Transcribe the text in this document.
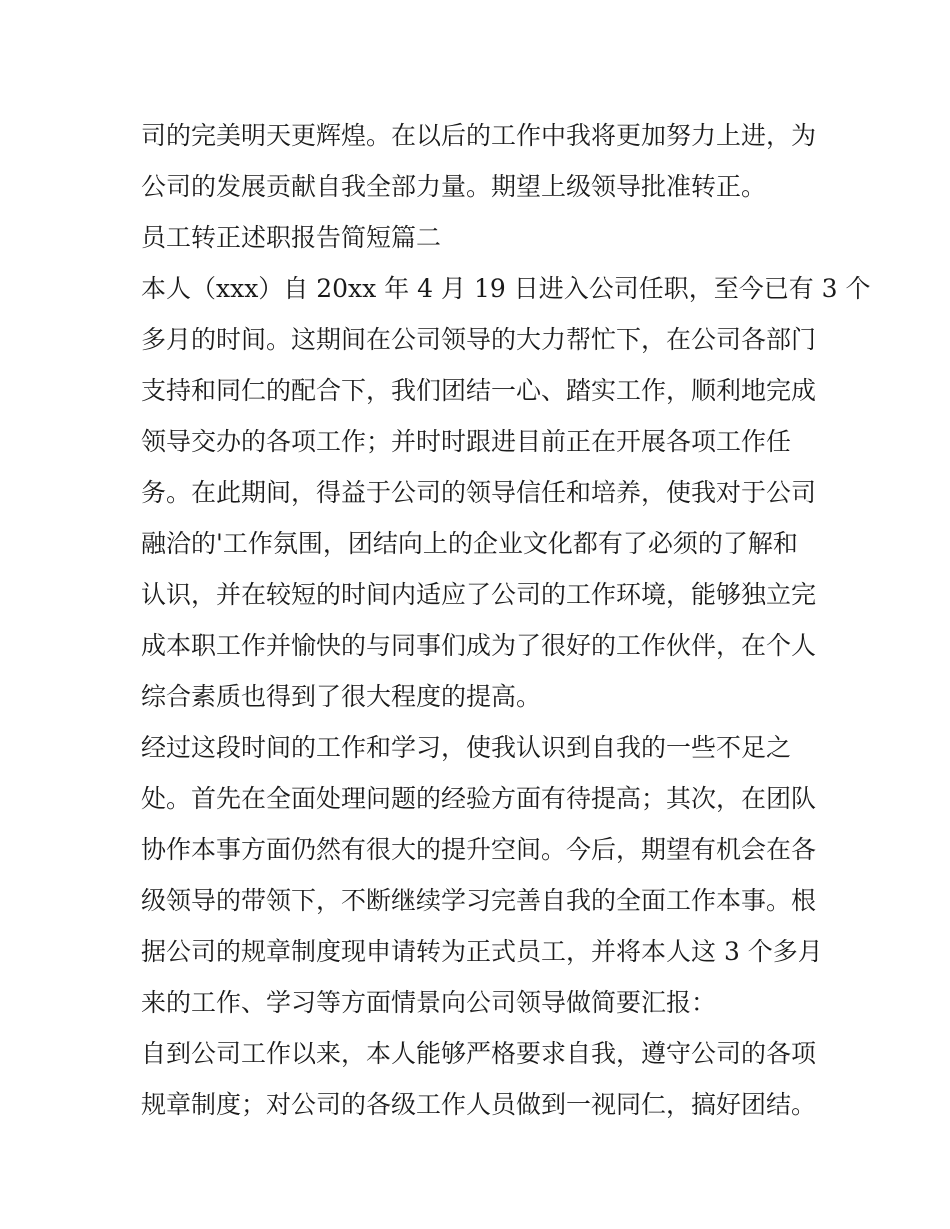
司的完美明天更辉煌。在以后的工作中我将更加努力上进，为
公司的发展贡献自我全部力量。期望上级领导批准转正。
员工转正述职报告简短篇二
本人（xxx）自 20xx 年 4 月 19 日进入公司任职，至今已有 3 个
多月的时间。这期间在公司领导的大力帮忙下，在公司各部门
支持和同仁的配合下，我们团结一心、踏实工作，顺利地完成
领导交办的各项工作；并时时跟进目前正在开展各项工作任
务。在此期间，得益于公司的领导信任和培养，使我对于公司
融洽的'工作氛围，团结向上的企业文化都有了必须的了解和
认识，并在较短的时间内适应了公司的工作环境，能够独立完
成本职工作并愉快的与同事们成为了很好的工作伙伴，在个人
综合素质也得到了很大程度的提高。
经过这段时间的工作和学习，使我认识到自我的一些不足之
处。首先在全面处理问题的经验方面有待提高；其次，在团队
协作本事方面仍然有很大的提升空间。今后，期望有机会在各
级领导的带领下，不断继续学习完善自我的全面工作本事。根
据公司的规章制度现申请转为正式员工，并将本人这 3 个多月
来的工作、学习等方面情景向公司领导做简要汇报：
自到公司工作以来，本人能够严格要求自我，遵守公司的各项
规章制度；对公司的各级工作人员做到一视同仁，搞好团结。
